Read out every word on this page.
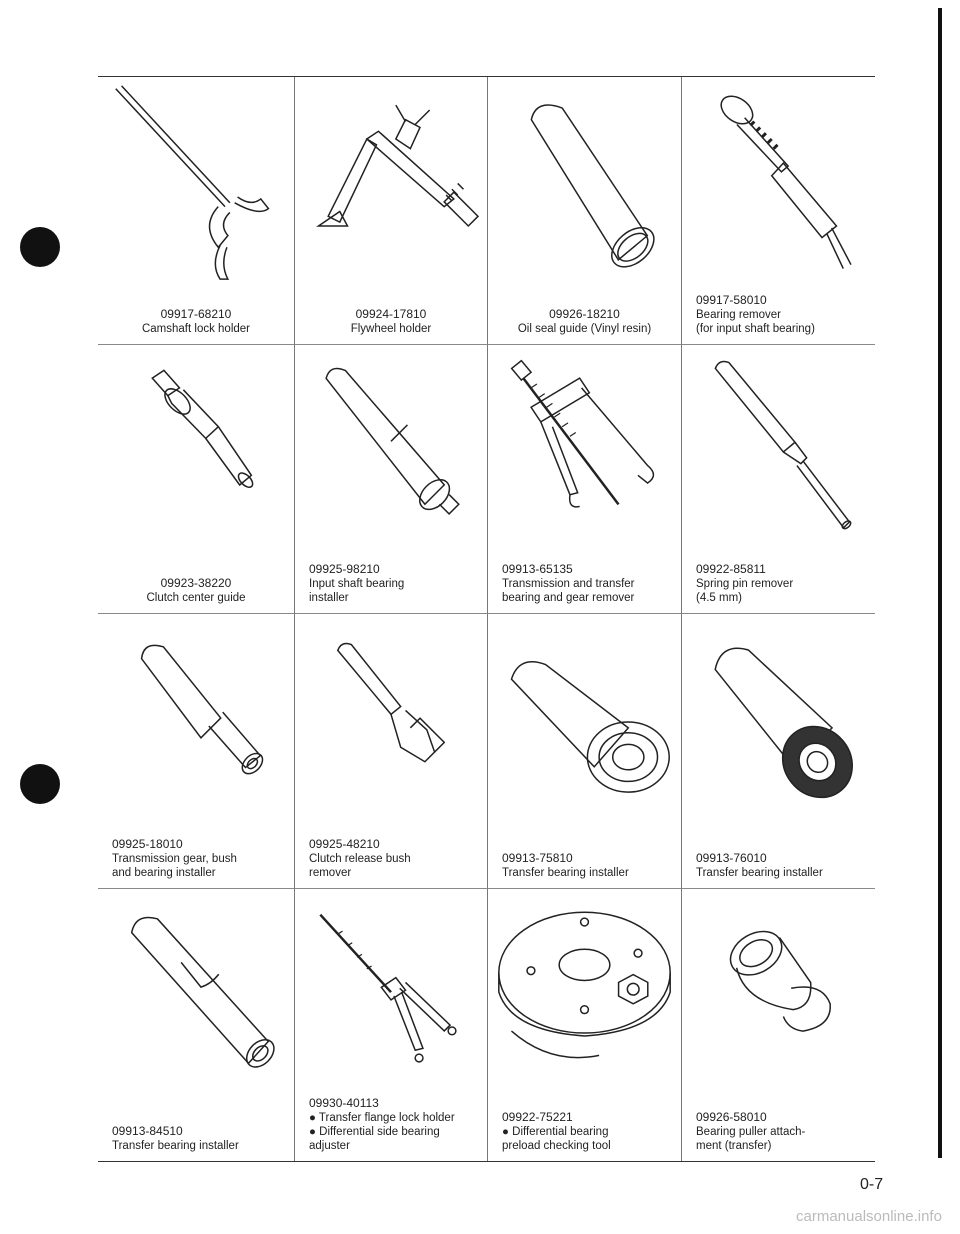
09917-68210
Camshaft lock holder
09924-17810
Flywheel holder
09926-18210
Oil seal guide (Vinyl resin)
09917-58010
Bearing remover
(for input shaft bearing)
09923-38220
Clutch center guide
09925-98210
Input shaft bearing
installer
09913-65135
Transmission and transfer
bearing and gear remover
09922-85811
Spring pin remover
(4.5 mm)
09925-18010
Transmission gear, bush
and bearing installer
09925-48210
Clutch release bush
remover
09913-75810
Transfer bearing installer
09913-76010
Transfer bearing installer
09913-84510
Transfer bearing installer
09930-40113
● Transfer flange lock holder
● Differential side bearing
adjuster
09922-75221
● Differential bearing
preload checking tool
09926-58010
Bearing puller attach-
ment (transfer)
0-7
carmanualsonline.info
